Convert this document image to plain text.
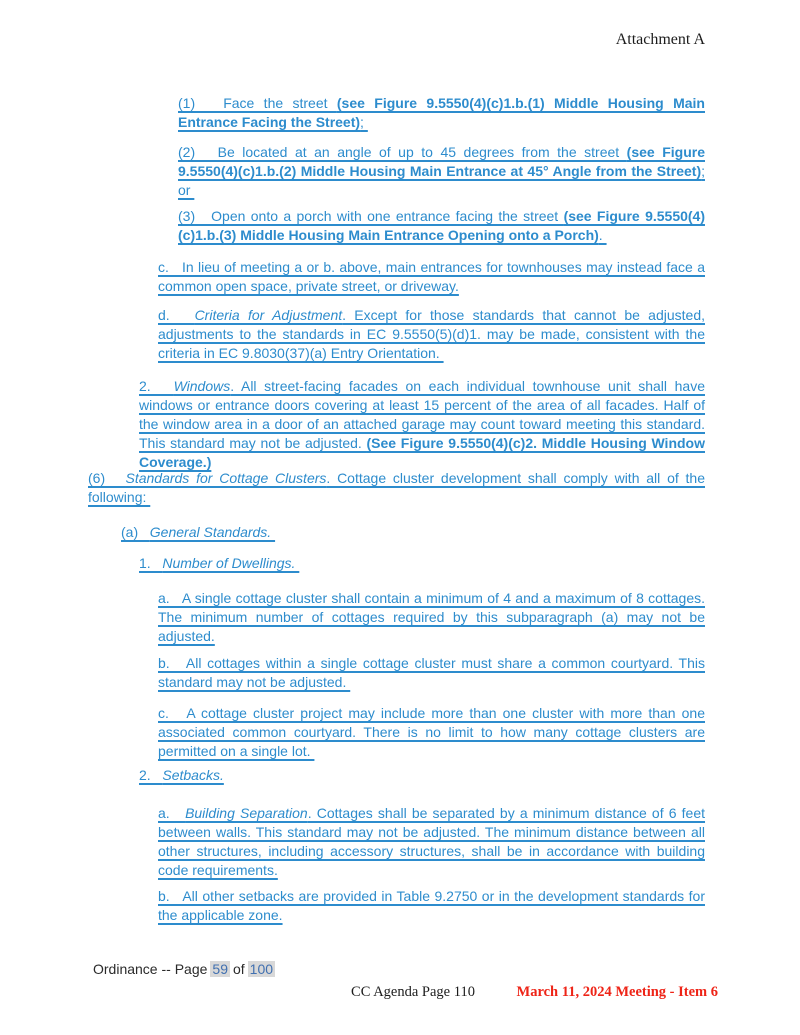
Attachment A
(1)   Face the street (see Figure 9.5550(4)(c)1.b.(1) Middle Housing Main Entrance Facing the Street);
(2)   Be located at an angle of up to 45 degrees from the street (see Figure 9.5550(4)(c)1.b.(2) Middle Housing Main Entrance at 45° Angle from the Street); or
(3)   Open onto a porch with one entrance facing the street (see Figure 9.5550(4)(c)1.b.(3) Middle Housing Main Entrance Opening onto a Porch).
c.   In lieu of meeting a or b. above, main entrances for townhouses may instead face a common open space, private street, or driveway.
d.   Criteria for Adjustment. Except for those standards that cannot be adjusted, adjustments to the standards in EC 9.5550(5)(d)1. may be made, consistent with the criteria in EC 9.8030(37)(a) Entry Orientation.
2.   Windows. All street-facing facades on each individual townhouse unit shall have windows or entrance doors covering at least 15 percent of the area of all facades. Half of the window area in a door of an attached garage may count toward meeting this standard. This standard may not be adjusted. (See Figure 9.5550(4)(c)2. Middle Housing Window Coverage.)
(6)   Standards for Cottage Clusters. Cottage cluster development shall comply with all of the following:
(a)   General Standards.
1.   Number of Dwellings.
a.   A single cottage cluster shall contain a minimum of 4 and a maximum of 8 cottages. The minimum number of cottages required by this subparagraph (a) may not be adjusted.
b.   All cottages within a single cottage cluster must share a common courtyard. This standard may not be adjusted.
c.   A cottage cluster project may include more than one cluster with more than one associated common courtyard. There is no limit to how many cottage clusters are permitted on a single lot.
2.   Setbacks.
a.   Building Separation. Cottages shall be separated by a minimum distance of 6 feet between walls. This standard may not be adjusted. The minimum distance between all other structures, including accessory structures, shall be in accordance with building code requirements.
b.   All other setbacks are provided in Table 9.2750 or in the development standards for the applicable zone.
Ordinance -- Page 59 of 100
CC Agenda Page 110	March 11, 2024 Meeting - Item 6
